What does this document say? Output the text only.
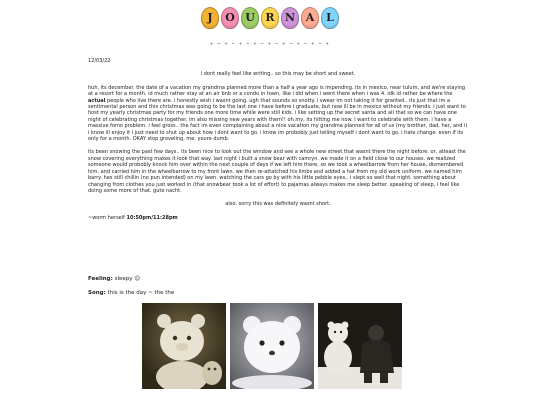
J	O U R N A	L
+ ~ + ~ + ~ + ~ + ~ + ~ + ~ + ~ +
12/03/22

i dont really feel like writing.. so this may be short and sweet.

huh, its december. the date of a vacation my grandma planned more than a half a year ago is impending. its in mexico, near tulum, and we're staying at a resort for a month. id much rather stay at an air bnb or a condo in town, like i did when i went there when i was 4. idk id rather be where the actual people who live there are. i honestly wish i wasnt going. ugh that sounds so snotty. i swear im not taking it for granted.. its just that im a sentimental person and this christmas was going to be the last one i have before i graduate, but now ill be in mexico without my friends. i just want to host my yearly christmas party for my friends one more time while were still kids. i like setting up the secret santa and all that so we can have one night of celebrating christmas together. im also missing new years with them!! oh my, its hitting me now. i want to celebrate with them. i have a massive fomo problem. i feel gross.. the fact im even complaining about a nice vacation my grandma planned for all of us (my brother, dad, her, and i) i know ill enjoy it i just need to shut up about how i dont want to go. i know im probobly just telling myself i dont want to go. i hate change. even if its only for a month. OKAY stop groveling, me. youre dumb.

its been snowing the past few days.. its been nice to look out the window and see a whole new street that wasnt there the night before. or, atleast the snow covering everything makes it look that way. last night i built a snow bear with camryn. we made it on a field close to our houses. we realized someone would probobly knock him over within the next couple of days if we left him there, so we took a wheelbarrow from her house, dismembered him, and carried him in the wheelbarrow to my front lawn. we then re-attatched his limbs and added a hat from my old work uniform. we named him barry. hes still chillin (no pun intended) on my lawn. watching the cars go by with his little pebble eyes.. i slept so well that night. something about changing from clothes you just worked in (that snowbear took a lot of effort) to pajamas always makes me sleep better. speaking of sleep, i feel like doing some more of that. gute nacht.

also, sorry this was definitely wasnt short.

~worm herself 10:50pm/11:28pm
Feeling: sleepy ☺
Song: this is the day ~ the the
